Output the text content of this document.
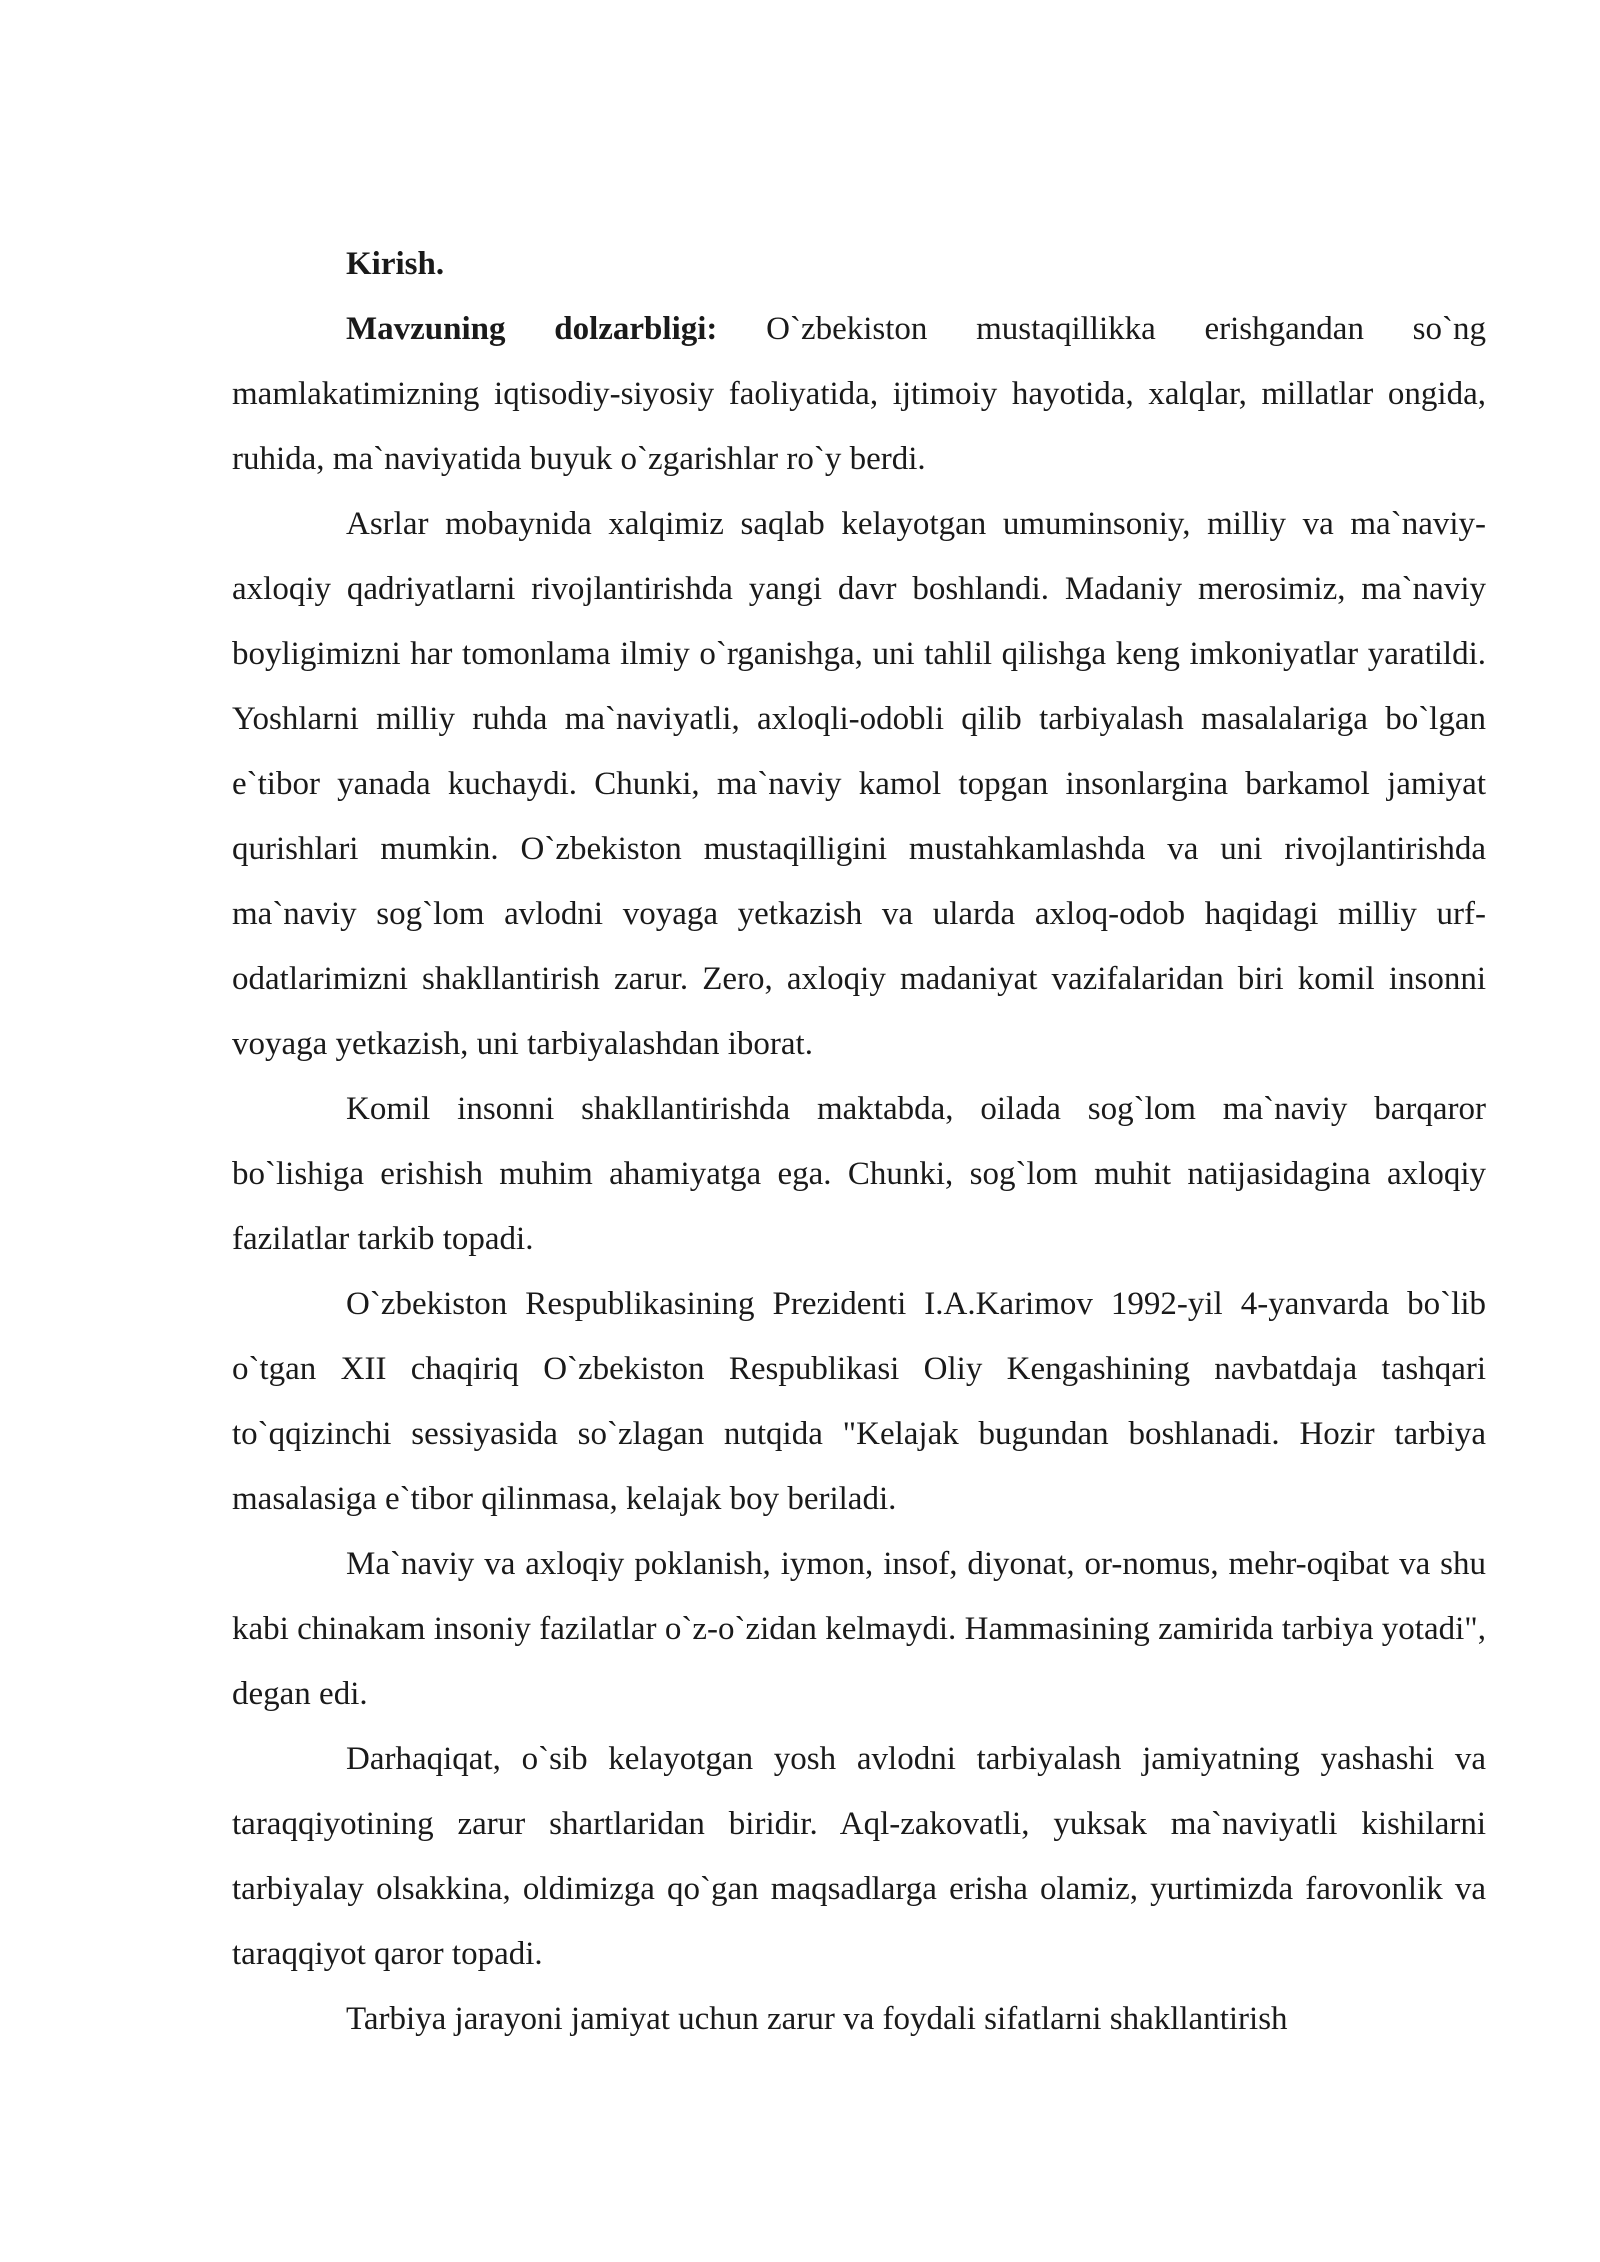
Kirish.

Mavzuning dolzarbligi: O`zbekiston mustaqillikka erishgandan so`ng mamlakatimizning iqtisodiy-siyosiy faoliyatida, ijtimoiy hayotida, xalqlar, millatlar ongida, ruhida, ma`naviyatida buyuk o`zgarishlar ro`y berdi.

Asrlar mobaynida xalqimiz saqlab kelayotgan umuminsoniy, milliy va ma`naviy-axloqiy qadriyatlarni rivojlantirishda yangi davr boshlandi. Madaniy merosimiz, ma`naviy boyligimizni har tomonlama ilmiy o`rganishga, uni tahlil qilishga keng imkoniyatlar yaratildi. Yoshlarni milliy ruhda ma`naviyatli, axloqli-odobli qilib tarbiyalash masalalariga bo`lgan e`tibor yanada kuchaydi. Chunki, ma`naviy kamol topgan insonlargina barkamol jamiyat qurishlari mumkin. O`zbekiston mustaqilligini mustahkamlashda va uni rivojlantirishda ma`naviy sog`lom avlodni voyaga yetkazish va ularda axloq-odob haqidagi milliy urf-odatlarimizni shakllantirish zarur. Zero, axloqiy madaniyat vazifalaridan biri komil insonni voyaga yetkazish, uni tarbiyalashdan iborat.

Komil insonni shakllantirishda maktabda, oilada sog`lom ma`naviy barqaror bo`lishiga erishish muhim ahamiyatga ega. Chunki, sog`lom muhit natijasidagina axloqiy fazilatlar tarkib topadi.

O`zbekiston Respublikasining Prezidenti I.A.Karimov 1992-yil 4-yanvarda bo`lib o`tgan XII chaqiriq O`zbekiston Respublikasi Oliy Kengashining navbatdaja tashqari to`qqizinchi sessiyasida so`zlagan nutqida "Kelajak bugundan boshlanadi. Hozir tarbiya masalasiga e`tibor qilinmasa, kelajak boy beriladi.

Ma`naviy va axloqiy poklanish, iymon, insof, diyonat, or-nomus, mehr-oqibat va shu kabi chinakam insoniy fazilatlar o`z-o`zidan kelmaydi. Hammasining zamirida tarbiya yotadi", degan edi.

Darhaqiqat, o`sib kelayotgan yosh avlodni tarbiyalash jamiyatning yashashi va taraqqiyotining zarur shartlaridan biridir. Aql-zakovatli, yuksak ma`naviyatli kishilarni tarbiyalay olsakkina, oldimizga qo`gan maqsadlarga erisha olamiz, yurtimizda farovonlik va taraqqiyot qaror topadi.

Tarbiya jarayoni jamiyat uchun zarur va foydali sifatlarni shakllantirish
